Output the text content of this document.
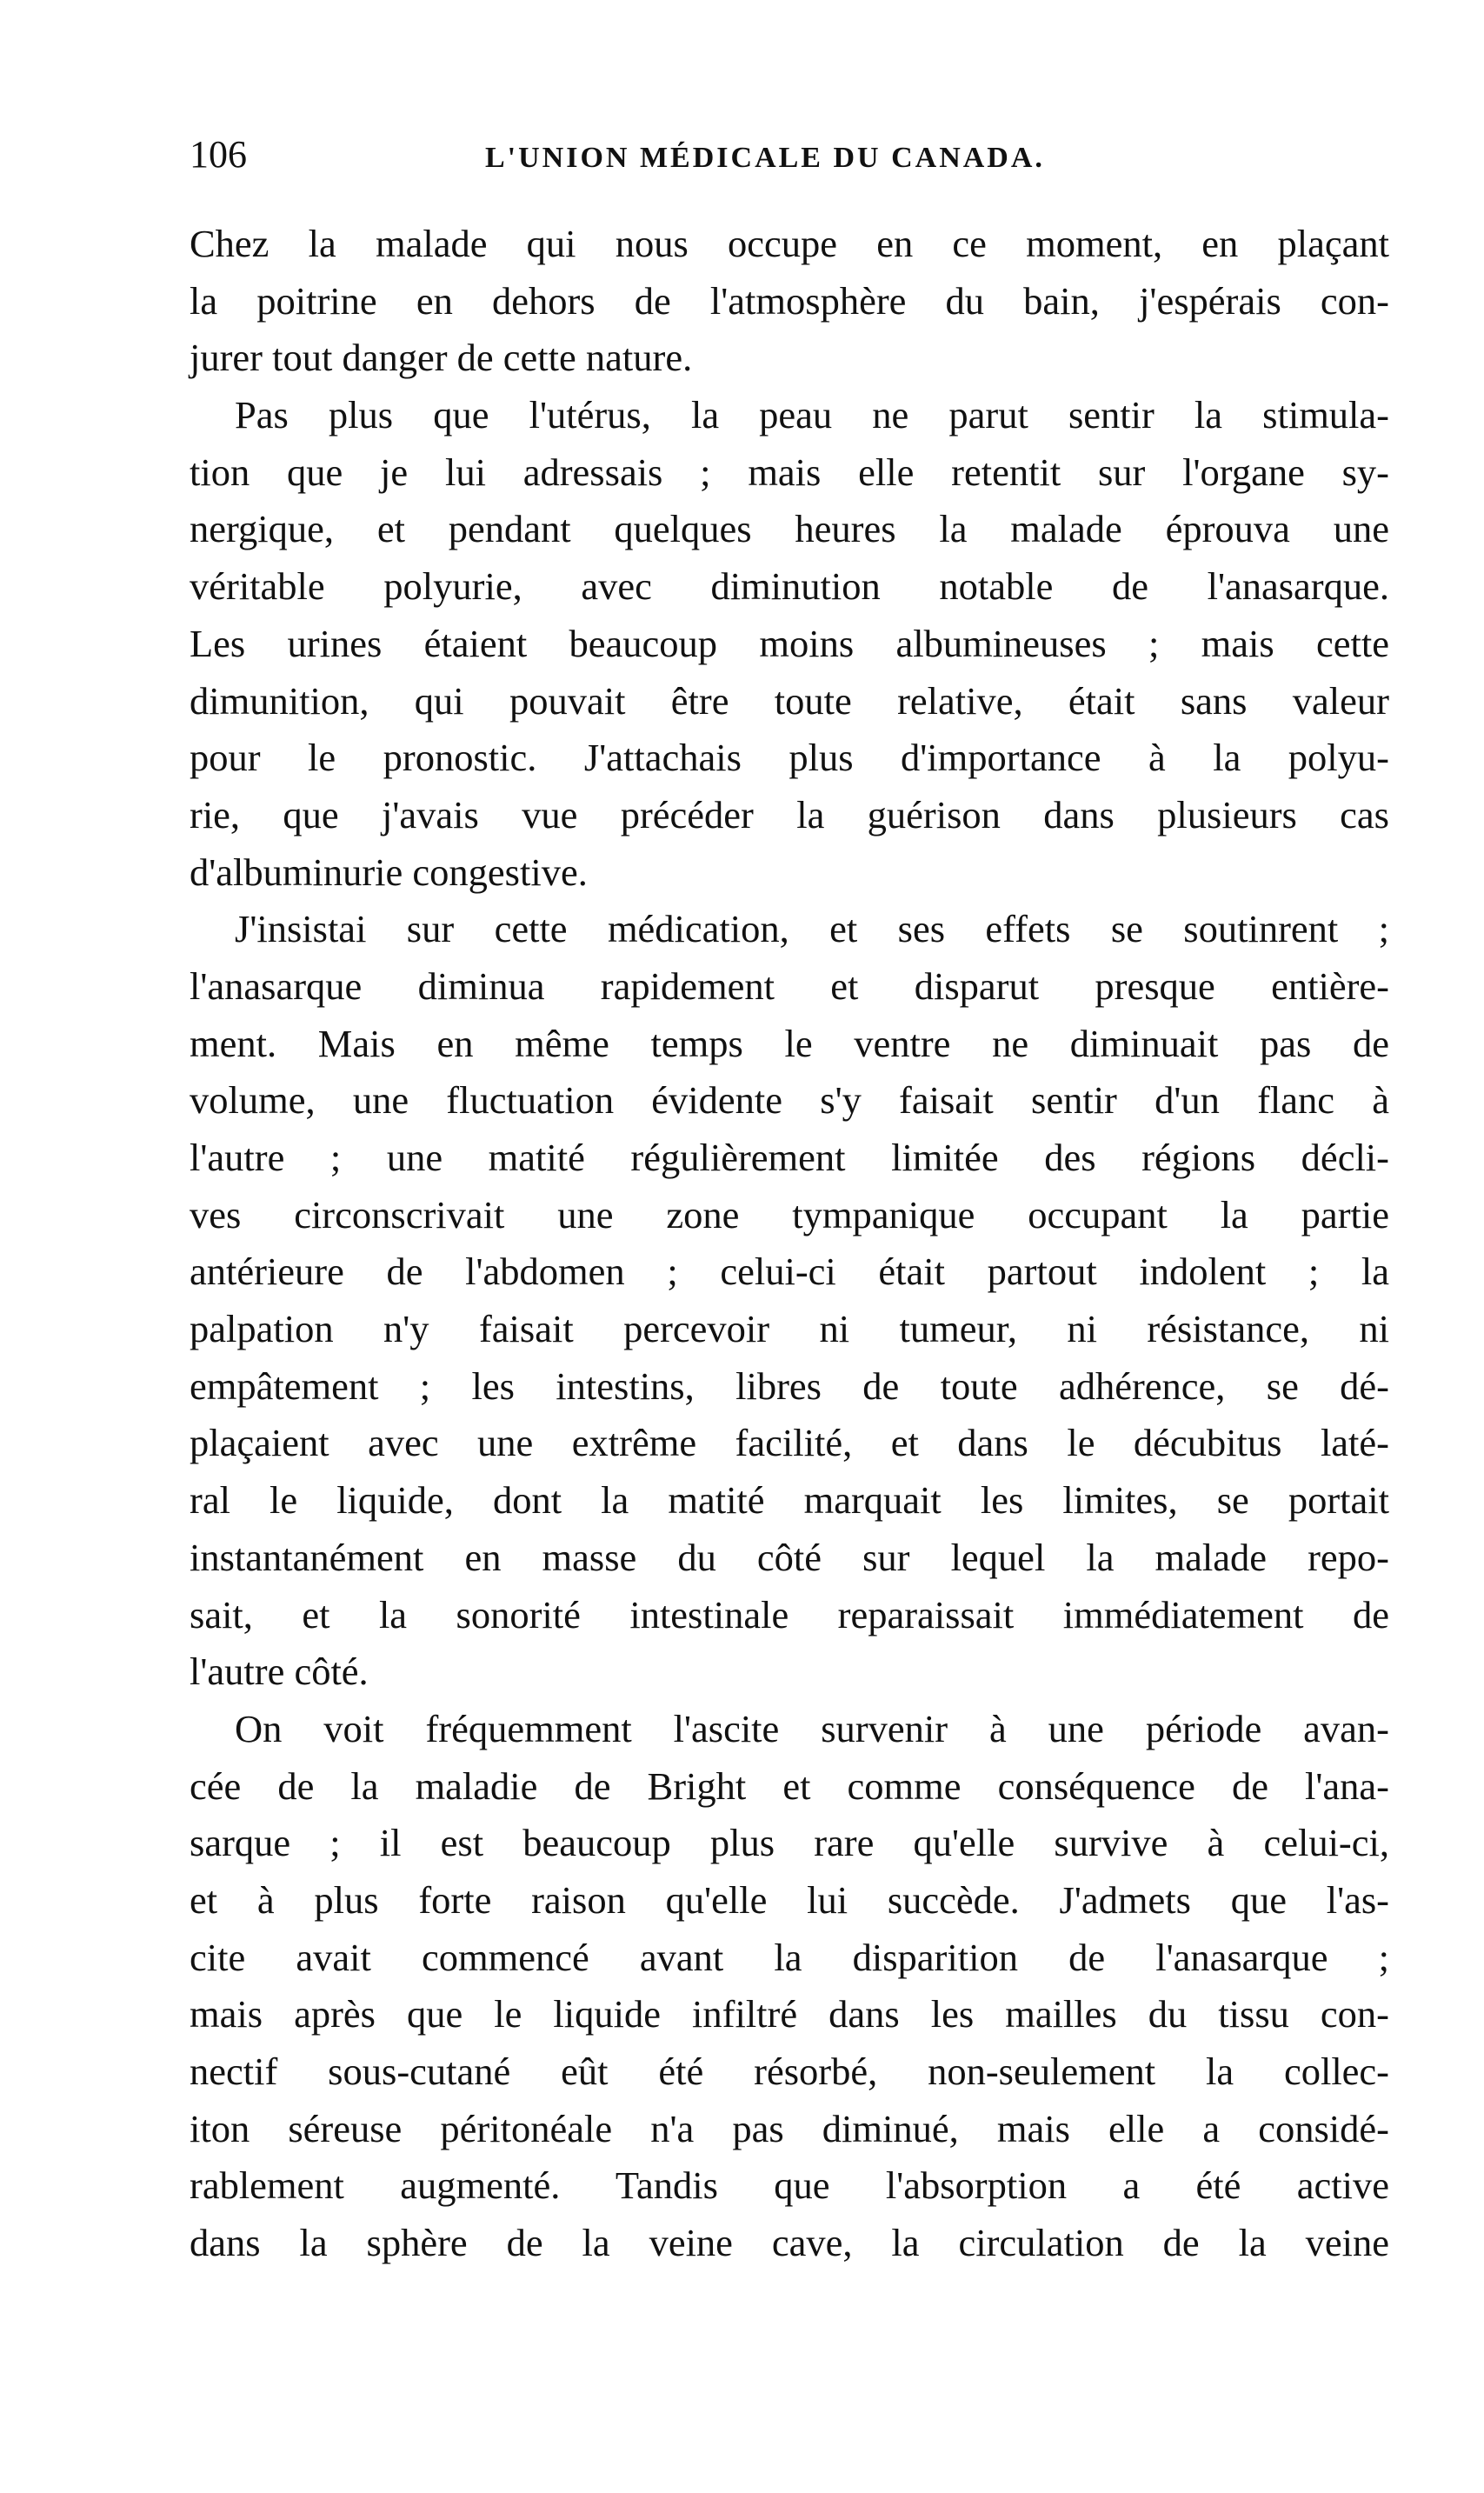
106	L'UNION MÉDICALE DU CANADA.
Chez la malade qui nous occupe en ce moment, en plaçant
la poitrine en dehors de l'atmosphère du bain, j'espérais con-
jurer tout danger de cette nature.
Pas plus que l'utérus, la peau ne parut sentir la stimula-
tion que je lui adressais ; mais elle retentit sur l'organe sy-
nergique, et pendant quelques heures la malade éprouva une
véritable polyurie, avec diminution notable de l'anasarque.
Les urines étaient beaucoup moins albumineuses ; mais cette
dimunition, qui pouvait être toute relative, était sans valeur
pour le pronostic. J'attachais plus d'importance à la polyu-
rie, que j'avais vue précéder la guérison dans plusieurs cas
d'albuminurie congestive.
J'insistai sur cette médication, et ses effets se soutinrent ;
l'anasarque diminua rapidement et disparut presque entière-
ment. Mais en même temps le ventre ne diminuait pas de
volume, une fluctuation évidente s'y faisait sentir d'un flanc à
l'autre ; une matité régulièrement limitée des régions décli-
ves circonscrivait une zone tympanique occupant la partie
antérieure de l'abdomen ; celui-ci était partout indolent ; la
palpation n'y faisait percevoir ni tumeur, ni résistance, ni
empâtement ; les intestins, libres de toute adhérence, se dé-
plaçaient avec une extrême facilité, et dans le décubitus laté-
ral le liquide, dont la matité marquait les limites, se portait
instantanément en masse du côté sur lequel la malade repo-
sait, et la sonorité intestinale reparaissait immédiatement de
l'autre côté.
On voit fréquemment l'ascite survenir à une période avan-
cée de la maladie de Bright et comme conséquence de l'ana-
sarque ; il est beaucoup plus rare qu'elle survive à celui-ci,
et à plus forte raison qu'elle lui succède. J'admets que l'as-
cite avait commencé avant la disparition de l'anasarque ;
mais après que le liquide infiltré dans les mailles du tissu con-
nectif sous-cutané eût été résorbé, non-seulement la collec-
iton séreuse péritonéale n'a pas diminué, mais elle a considé-
rablement augmenté. Tandis que l'absorption a été active
dans la sphère de la veine cave, la circulation de la veine
